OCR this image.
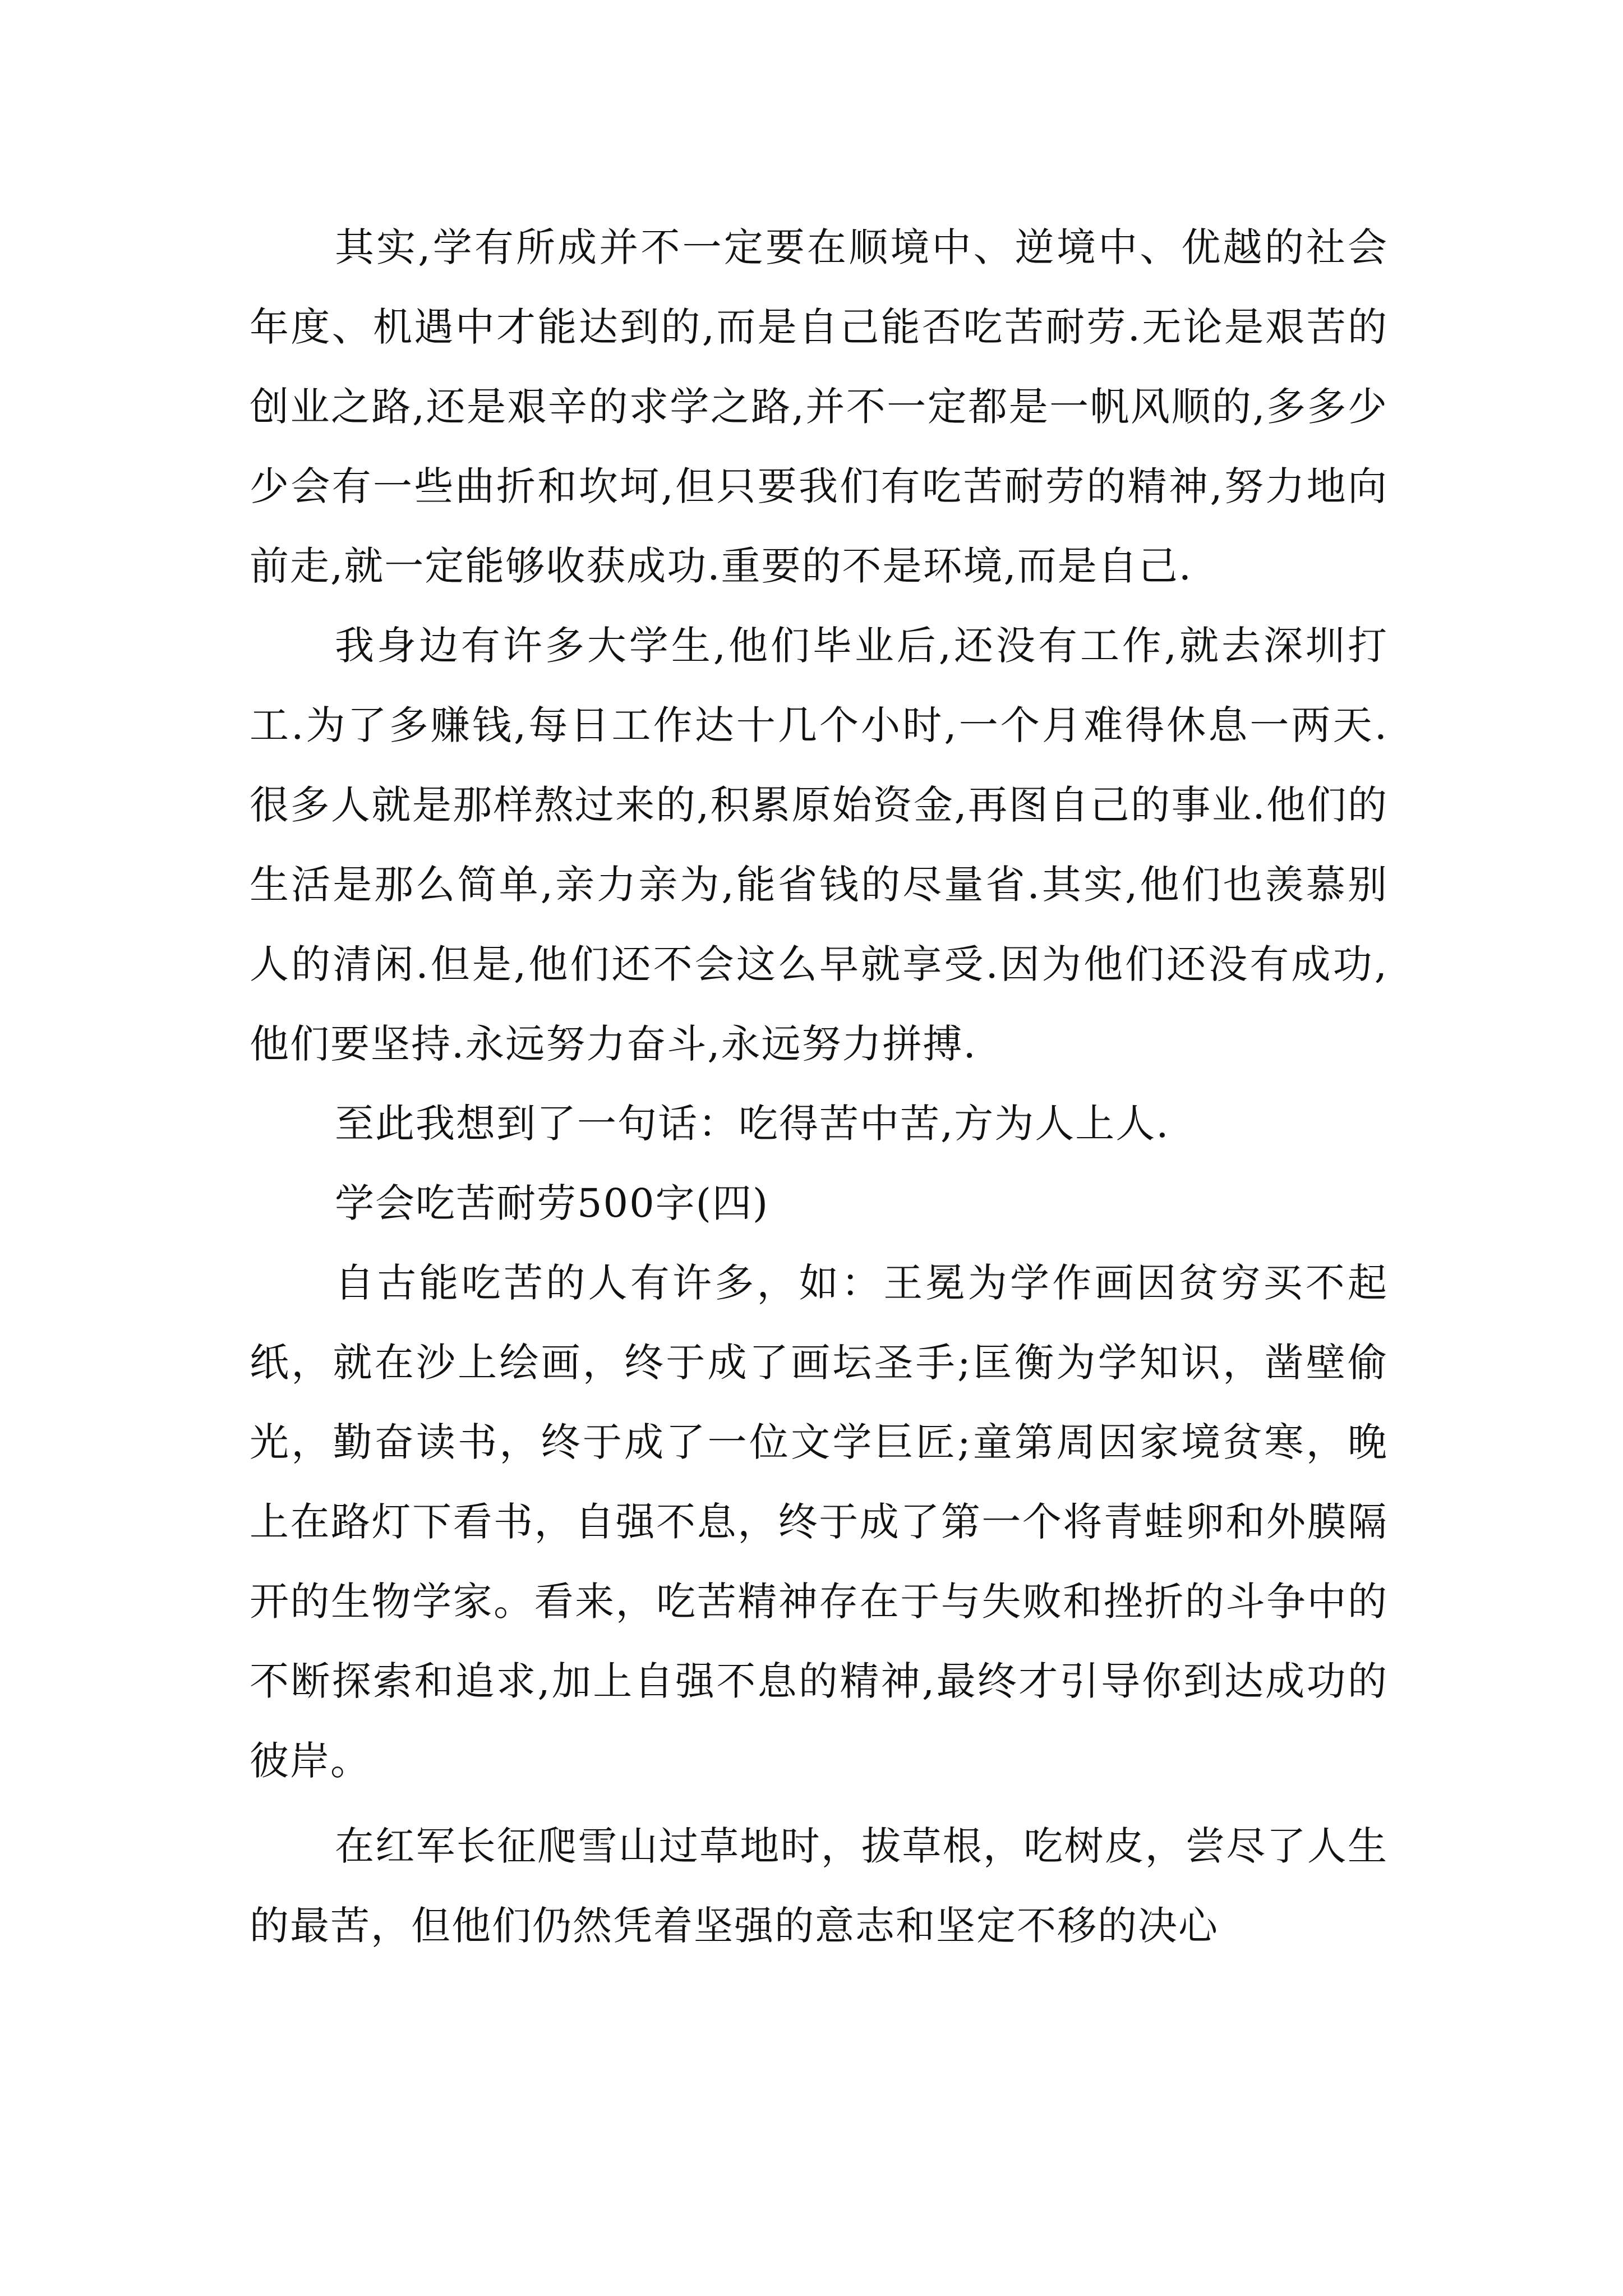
其实,学有所成并不一定要在顺境中、逆境中、优越的社会年度、机遇中才能达到的,而是自己能否吃苦耐劳.无论是艰苦的创业之路,还是艰辛的求学之路,并不一定都是一帆风顺的,多多少少会有一些曲折和坎坷,但只要我们有吃苦耐劳的精神,努力地向前走,就一定能够收获成功.重要的不是环境,而是自己.

我身边有许多大学生,他们毕业后,还没有工作,就去深圳打工.为了多赚钱,每日工作达十几个小时,一个月难得休息一两天.很多人就是那样熬过来的,积累原始资金,再图自己的事业.他们的生活是那么简单,亲力亲为,能省钱的尽量省.其实,他们也羡慕别人的清闲.但是,他们还不会这么早就享受.因为他们还没有成功,他们要坚持.永远努力奋斗,永远努力拼搏.

至此我想到了一句话：吃得苦中苦,方为人上人.

学会吃苦耐劳500字(四)

自古能吃苦的人有许多，如：王冕为学作画因贫穷买不起纸，就在沙上绘画，终于成了画坛圣手;匡衡为学知识，凿壁偷光，勤奋读书，终于成了一位文学巨匠;童第周因家境贫寒，晚上在路灯下看书，自强不息，终于成了第一个将青蛙卵和外膜隔开的生物学家。看来，吃苦精神存在于与失败和挫折的斗争中的不断探索和追求,加上自强不息的精神,最终才引导你到达成功的彼岸。

在红军长征爬雪山过草地时，拔草根，吃树皮，尝尽了人生的最苦，但他们仍然凭着坚强的意志和坚定不移的决心
